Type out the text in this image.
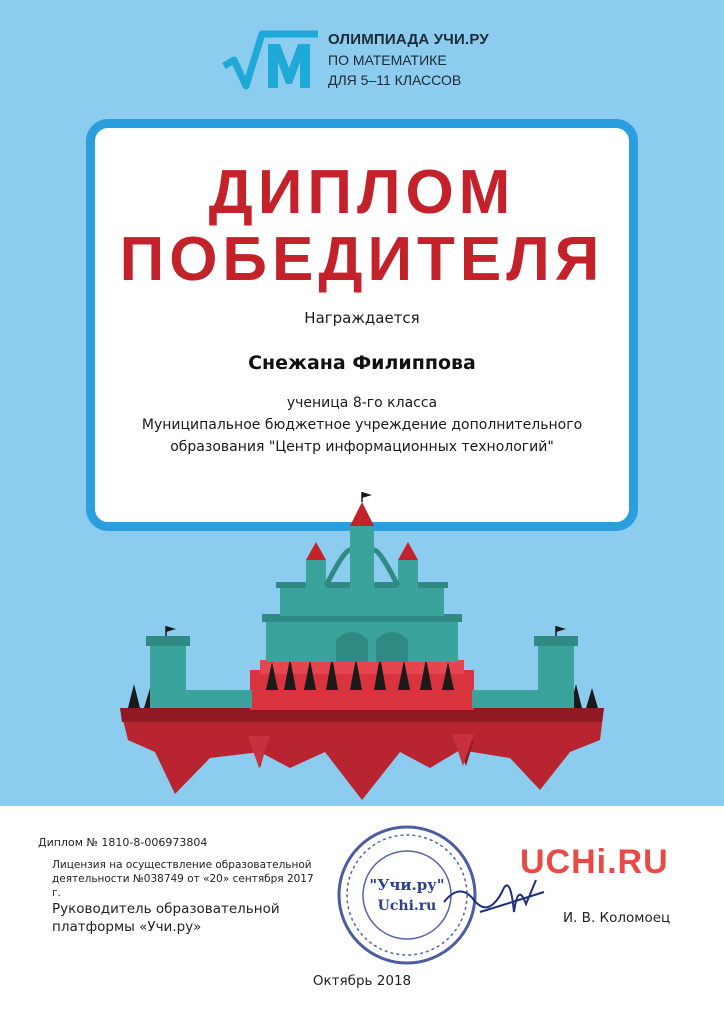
ОЛИМПИАДА УЧИ.РУ
ПО МАТЕМАТИКЕ
ДЛЯ 5–11 КЛАССОВ
ДИПЛОМ
ПОБЕДИТЕЛЯ
Награждается
Снежана Филиппова
ученица 8-го класса
Муниципальное бюджетное учреждение дополнительного
образования "Центр информационных технологий"
Диплом № 1810-8-006973804
Лицензия на осуществление образовательной
деятельности №038749 от «20» сентября 2017 г.
Руководитель образовательной
платформы «Учи.ру»
"Учи.ру"
Uchi.ru
UCHi.RU
И. В. Коломоец
Октябрь 2018
